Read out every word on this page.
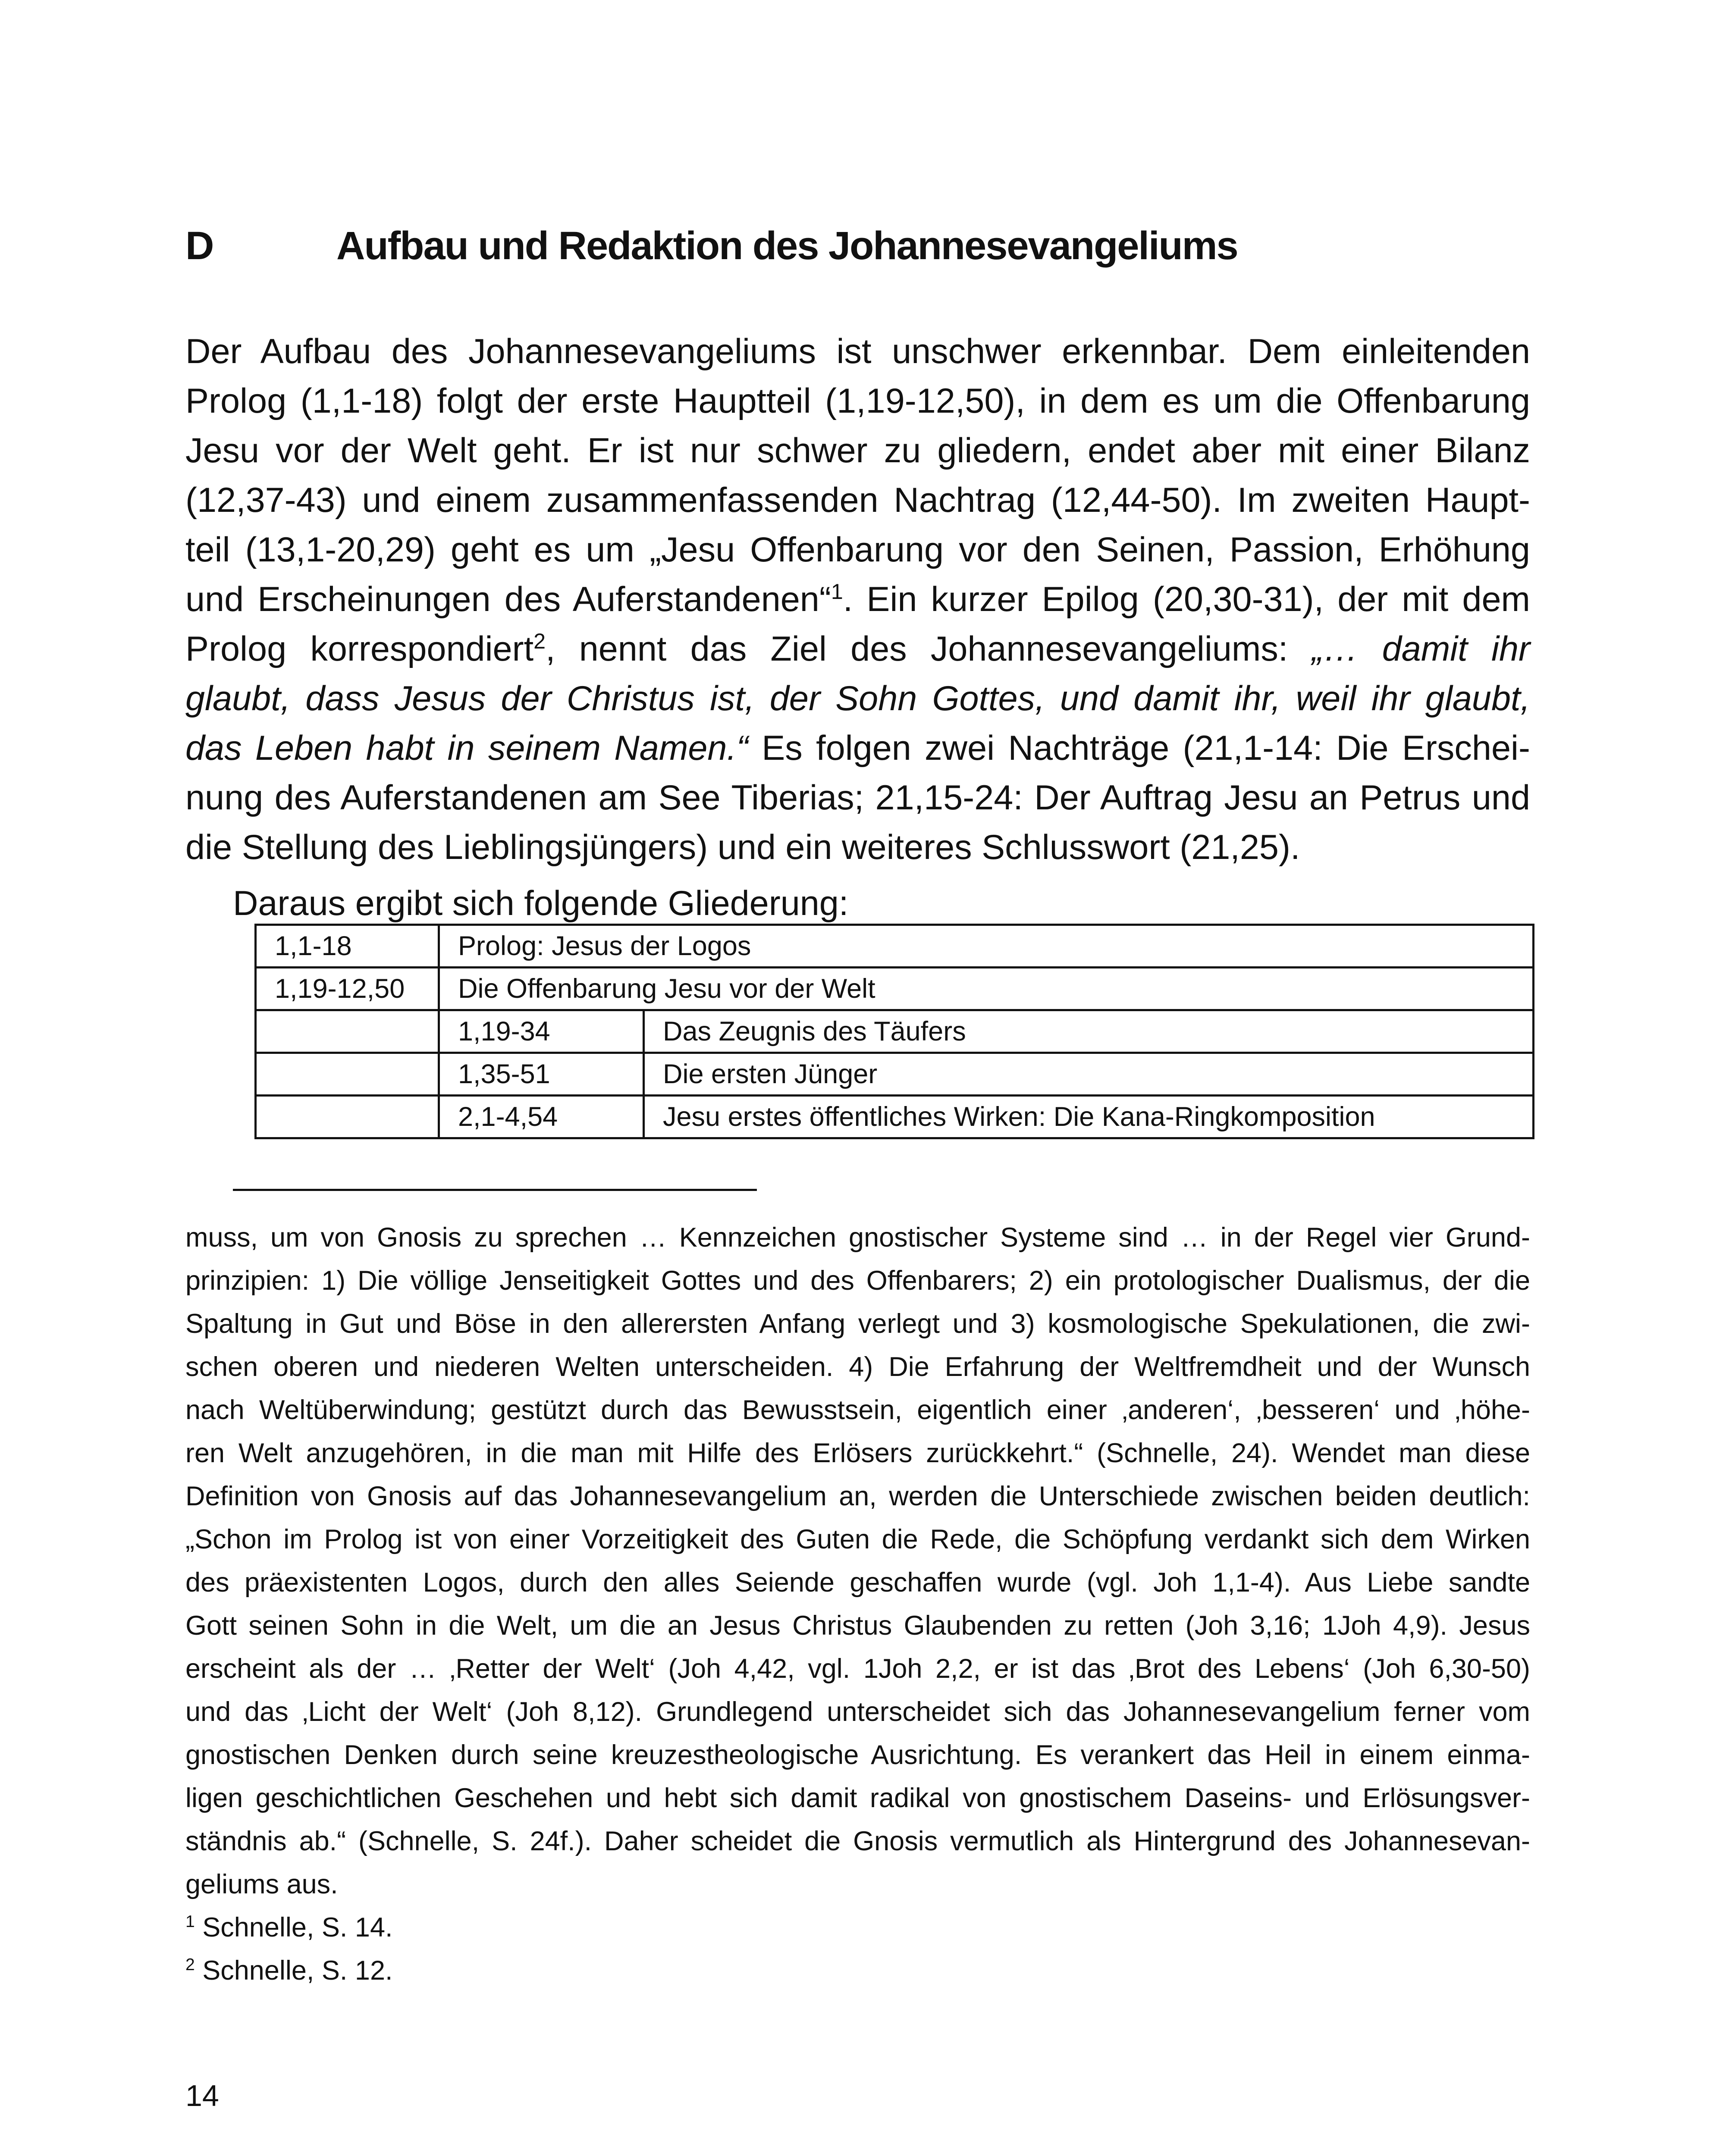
D	Aufbau und Redaktion des Johannesevangeliums
Der Aufbau des Johannesevangeliums ist unschwer erkennbar. Dem einleitenden
Prolog (1,1-18) folgt der erste Hauptteil (1,19-12,50), in dem es um die Offenbarung
Jesu vor der Welt geht. Er ist nur schwer zu gliedern, endet aber mit einer Bilanz
(12,37-43) und einem zusammenfassenden Nachtrag (12,44-50). Im zweiten Haupt-
teil (13,1-20,29) geht es um „Jesu Offenbarung vor den Seinen, Passion, Erhöhung
und Erscheinungen des Auferstandenen“$^1$. Ein kurzer Epilog (20,30-31), der mit dem
Prolog korrespondiert$^2$, nennt das Ziel des Johannesevangeliums: „… damit ihr
glaubt, dass Jesus der Christus ist, der Sohn Gottes, und damit ihr, weil ihr glaubt,
das Leben habt in seinem Namen.“ Es folgen zwei Nachträge (21,1-14: Die Erschei-
nung des Auferstandenen am See Tiberias; 21,15-24: Der Auftrag Jesu an Petrus und
die Stellung des Lieblingsjüngers) und ein weiteres Schlusswort (21,25).
Daraus ergibt sich folgende Gliederung:
1,1-18	Prolog: Jesus der Logos	
1,19-12,50	Die Offenbarung Jesu vor der Welt	
	1,19-34	Das Zeugnis des Täufers
	1,35-51	Die ersten Jünger
	2,1-4,54	Jesu erstes öffentliches Wirken: Die Kana-Ringkomposition
muss, um von Gnosis zu sprechen … Kennzeichen gnostischer Systeme sind … in der Regel vier Grund-
prinzipien: 1) Die völlige Jenseitigkeit Gottes und des Offenbarers; 2) ein protologischer Dualismus, der die
Spaltung in Gut und Böse in den allerersten Anfang verlegt und 3) kosmologische Spekulationen, die zwi-
schen oberen und niederen Welten unterscheiden. 4) Die Erfahrung der Weltfremdheit und der Wunsch
nach Weltüberwindung; gestützt durch das Bewusstsein, eigentlich einer ‚anderen‘, ‚besseren‘ und ‚höhe-
ren Welt anzugehören, in die man mit Hilfe des Erlösers zurückkehrt.“ (Schnelle, 24). Wendet man diese
Definition von Gnosis auf das Johannesevangelium an, werden die Unterschiede zwischen beiden deutlich:
„Schon im Prolog ist von einer Vorzeitigkeit des Guten die Rede, die Schöpfung verdankt sich dem Wirken
des präexistenten Logos, durch den alles Seiende geschaffen wurde (vgl. Joh 1,1-4). Aus Liebe sandte
Gott seinen Sohn in die Welt, um die an Jesus Christus Glaubenden zu retten (Joh 3,16; 1Joh 4,9). Jesus
erscheint als der … ‚Retter der Welt‘ (Joh 4,42, vgl. 1Joh 2,2, er ist das ‚Brot des Lebens‘ (Joh 6,30-50)
und das ‚Licht der Welt‘ (Joh 8,12). Grundlegend unterscheidet sich das Johannesevangelium ferner vom
gnostischen Denken durch seine kreuzestheologische Ausrichtung. Es verankert das Heil in einem einma-
ligen geschichtlichen Geschehen und hebt sich damit radikal von gnostischem Daseins- und Erlösungsver-
ständnis ab.“ (Schnelle, S. 24f.). Daher scheidet die Gnosis vermutlich als Hintergrund des Johannesevan-
geliums aus.
$^1$ Schnelle, S. 14.
$^2$ Schnelle, S. 12.
14
